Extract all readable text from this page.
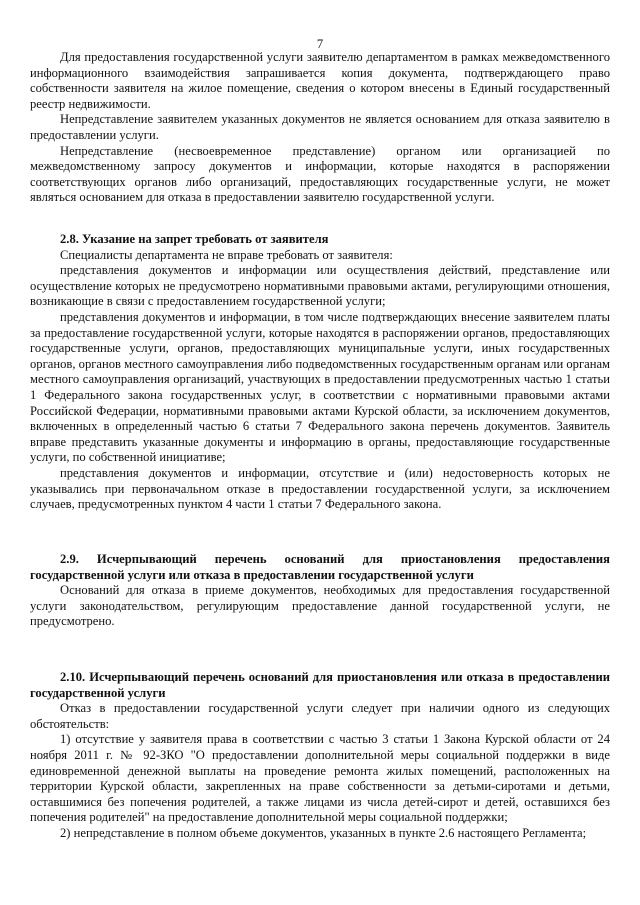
7

Для предоставления государственной услуги заявителю департаментом в рамках межведомственного информационного взаимодействия запрашивается копия документа, подтверждающего право собственности заявителя на жилое помещение, сведения о котором внесены в Единый государственный реестр недвижимости.

Непредставление заявителем указанных документов не является основанием для отказа заявителю в предоставлении услуги.

Непредставление (несвоевременное представление) органом или организацией по межведомственному запросу документов и информации, которые находятся в распоряжении соответствующих органов либо организаций, предоставляющих государственные услуги, не может являться основанием для отказа в предоставлении заявителю государственной услуги.

2.8. Указание на запрет требовать от заявителя

Специалисты департамента не вправе требовать от заявителя:

представления документов и информации или осуществления действий, представление или осуществление которых не предусмотрено нормативными правовыми актами, регулирующими отношения, возникающие в связи с предоставлением государственной услуги;

представления документов и информации, в том числе подтверждающих внесение заявителем платы за предоставление государственной услуги, которые находятся в распоряжении органов, предоставляющих государственные услуги, органов, предоставляющих муниципальные услуги, иных государственных органов, органов местного самоуправления либо подведомственных государственным органам или органам местного самоуправления организаций, участвующих в предоставлении предусмотренных частью 1 статьи 1 Федерального закона государственных услуг, в соответствии с нормативными правовыми актами Российской Федерации, нормативными правовыми актами Курской области, за исключением документов, включенных в определенный частью 6 статьи 7 Федерального закона перечень документов. Заявитель вправе представить указанные документы и информацию в органы, предоставляющие государственные услуги, по собственной инициативе;

представления документов и информации, отсутствие и (или) недостоверность которых не указывались при первоначальном отказе в предоставлении государственной услуги, за исключением случаев, предусмотренных пунктом 4 части 1 статьи 7 Федерального закона.

2.9. Исчерпывающий перечень оснований для приостановления предоставления государственной услуги или отказа в предоставлении государственной услуги

Оснований для отказа в приеме документов, необходимых для предоставления государственной услуги законодательством, регулирующим предоставление данной государственной услуги, не предусмотрено.

2.10. Исчерпывающий перечень оснований для приостановления или отказа в предоставлении государственной услуги

Отказ в предоставлении государственной услуги следует при наличии одного из следующих обстоятельств:

1) отсутствие у заявителя права в соответствии с частью 3 статьи 1 Закона Курской области от 24 ноября 2011 г. № 92-ЗКО "О предоставлении дополнительной меры социальной поддержки в виде единовременной денежной выплаты на проведение ремонта жилых помещений, расположенных на территории Курской области, закрепленных на праве собственности за детьми-сиротами и детьми, оставшимися без попечения родителей, а также лицами из числа детей-сирот и детей, оставшихся без попечения родителей" на предоставление дополнительной меры социальной поддержки;

2) непредставление в полном объеме документов, указанных в пункте 2.6 настоящего Регламента;
